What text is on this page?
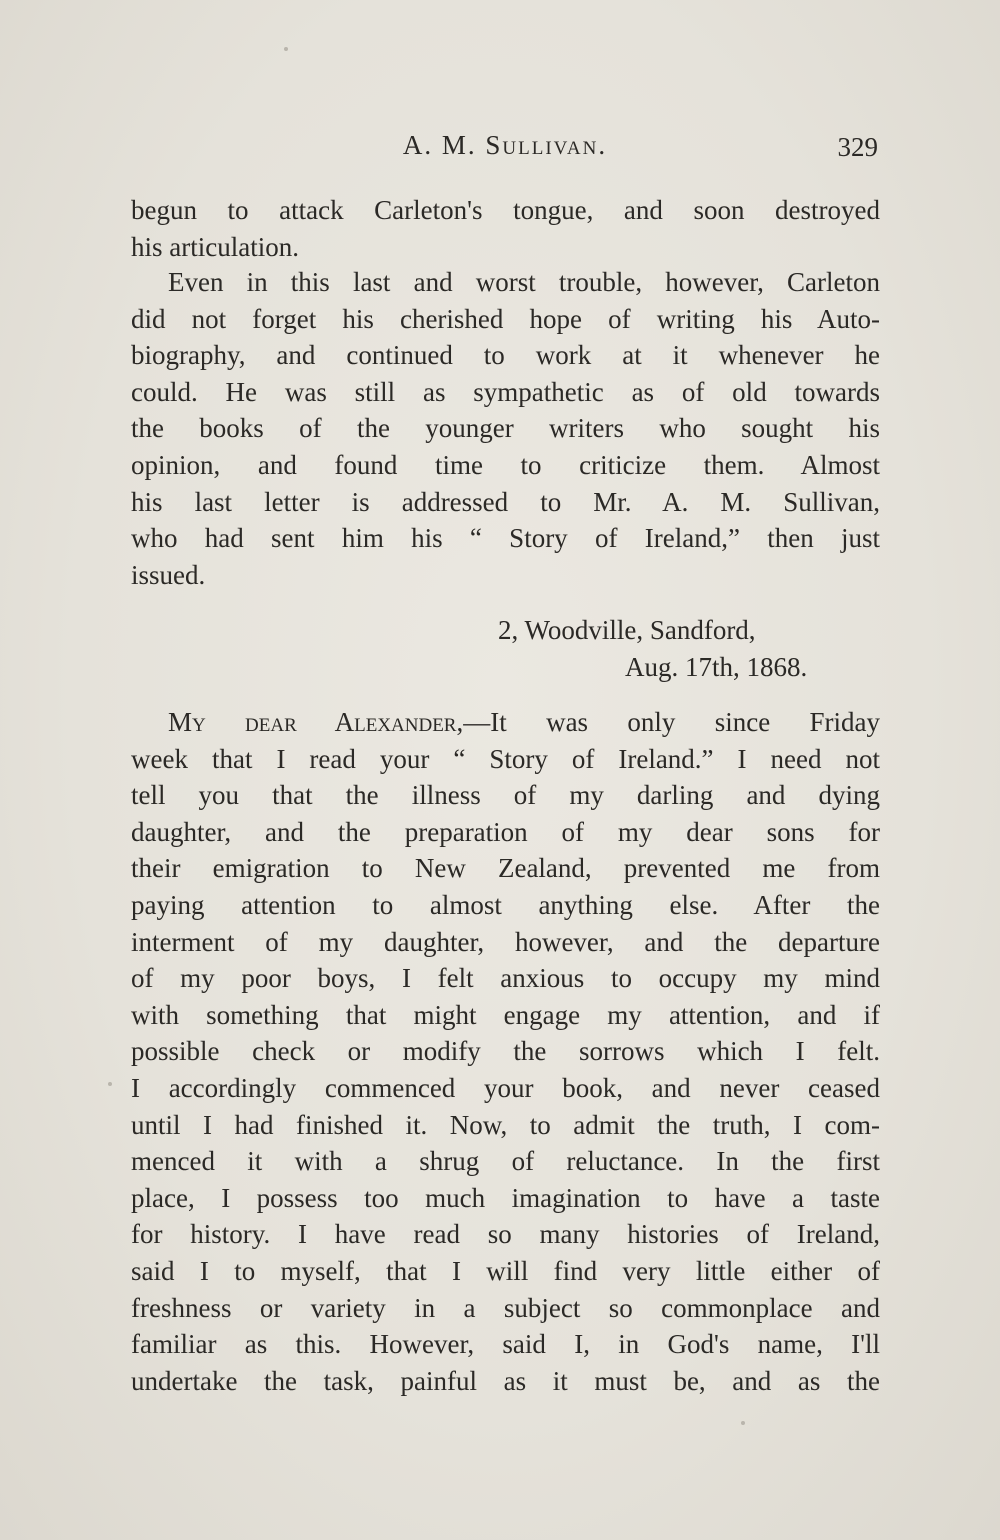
A. M. Sullivan.	329
begun to attack Carleton's tongue, and soon destroyed
his articulation.
Even in this last and worst trouble, however, Carleton
did not forget his cherished hope of writing his Auto-
biography, and continued to work at it whenever he
could. He was still as sympathetic as of old towards
the books of the younger writers who sought his
opinion, and found time to criticize them. Almost
his last letter is addressed to Mr. A. M. Sullivan,
who had sent him his “ Story of Ireland,” then just
issued.
2, Woodville, Sandford,
Aug. 17th, 1868.
My dear Alexander,—It was only since Friday
week that I read your “ Story of Ireland.” I need not
tell you that the illness of my darling and dying
daughter, and the preparation of my dear sons for
their emigration to New Zealand, prevented me from
paying attention to almost anything else. After the
interment of my daughter, however, and the departure
of my poor boys, I felt anxious to occupy my mind
with something that might engage my attention, and if
possible check or modify the sorrows which I felt.
I accordingly commenced your book, and never ceased
until I had finished it. Now, to admit the truth, I com-
menced it with a shrug of reluctance. In the first
place, I possess too much imagination to have a taste
for history. I have read so many histories of Ireland,
said I to myself, that I will find very little either of
freshness or variety in a subject so commonplace and
familiar as this. However, said I, in God's name, I'll
undertake the task, painful as it must be, and as the
